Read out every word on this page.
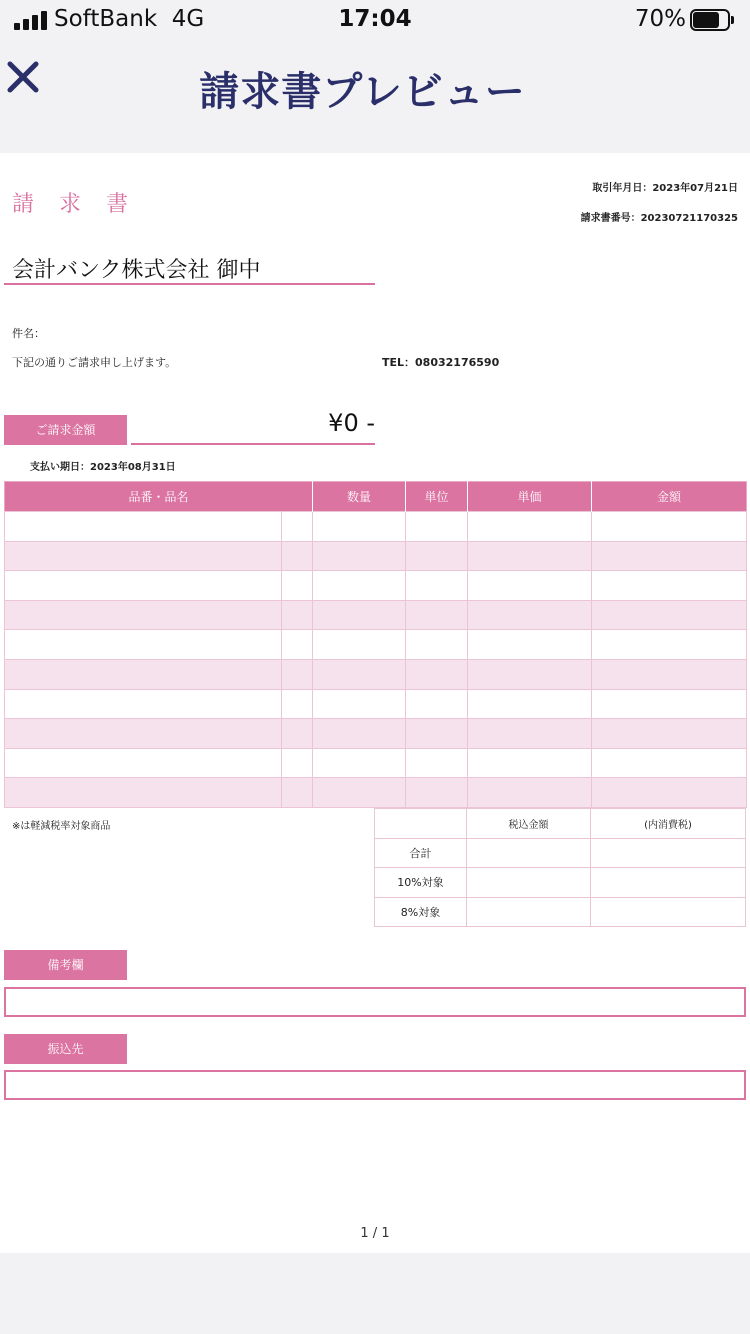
SoftBank 4G	17:04	70%
請求書プレビュー
請 求 書
取引年月日：2023年07月21日
請求書番号：20230721170325
会計バンク株式会社 御中
件名：
下記の通りご請求申し上げます。	TEL：08032176590
ご請求金額	¥0 -
支払い期日：2023年08月31日
品番・品名		数量	単位	単価	金額

※は軽減税率対象商品
		税込金額	(内消費税)
合計		
10%対象		
8%対象		
備考欄
振込先
1 / 1
